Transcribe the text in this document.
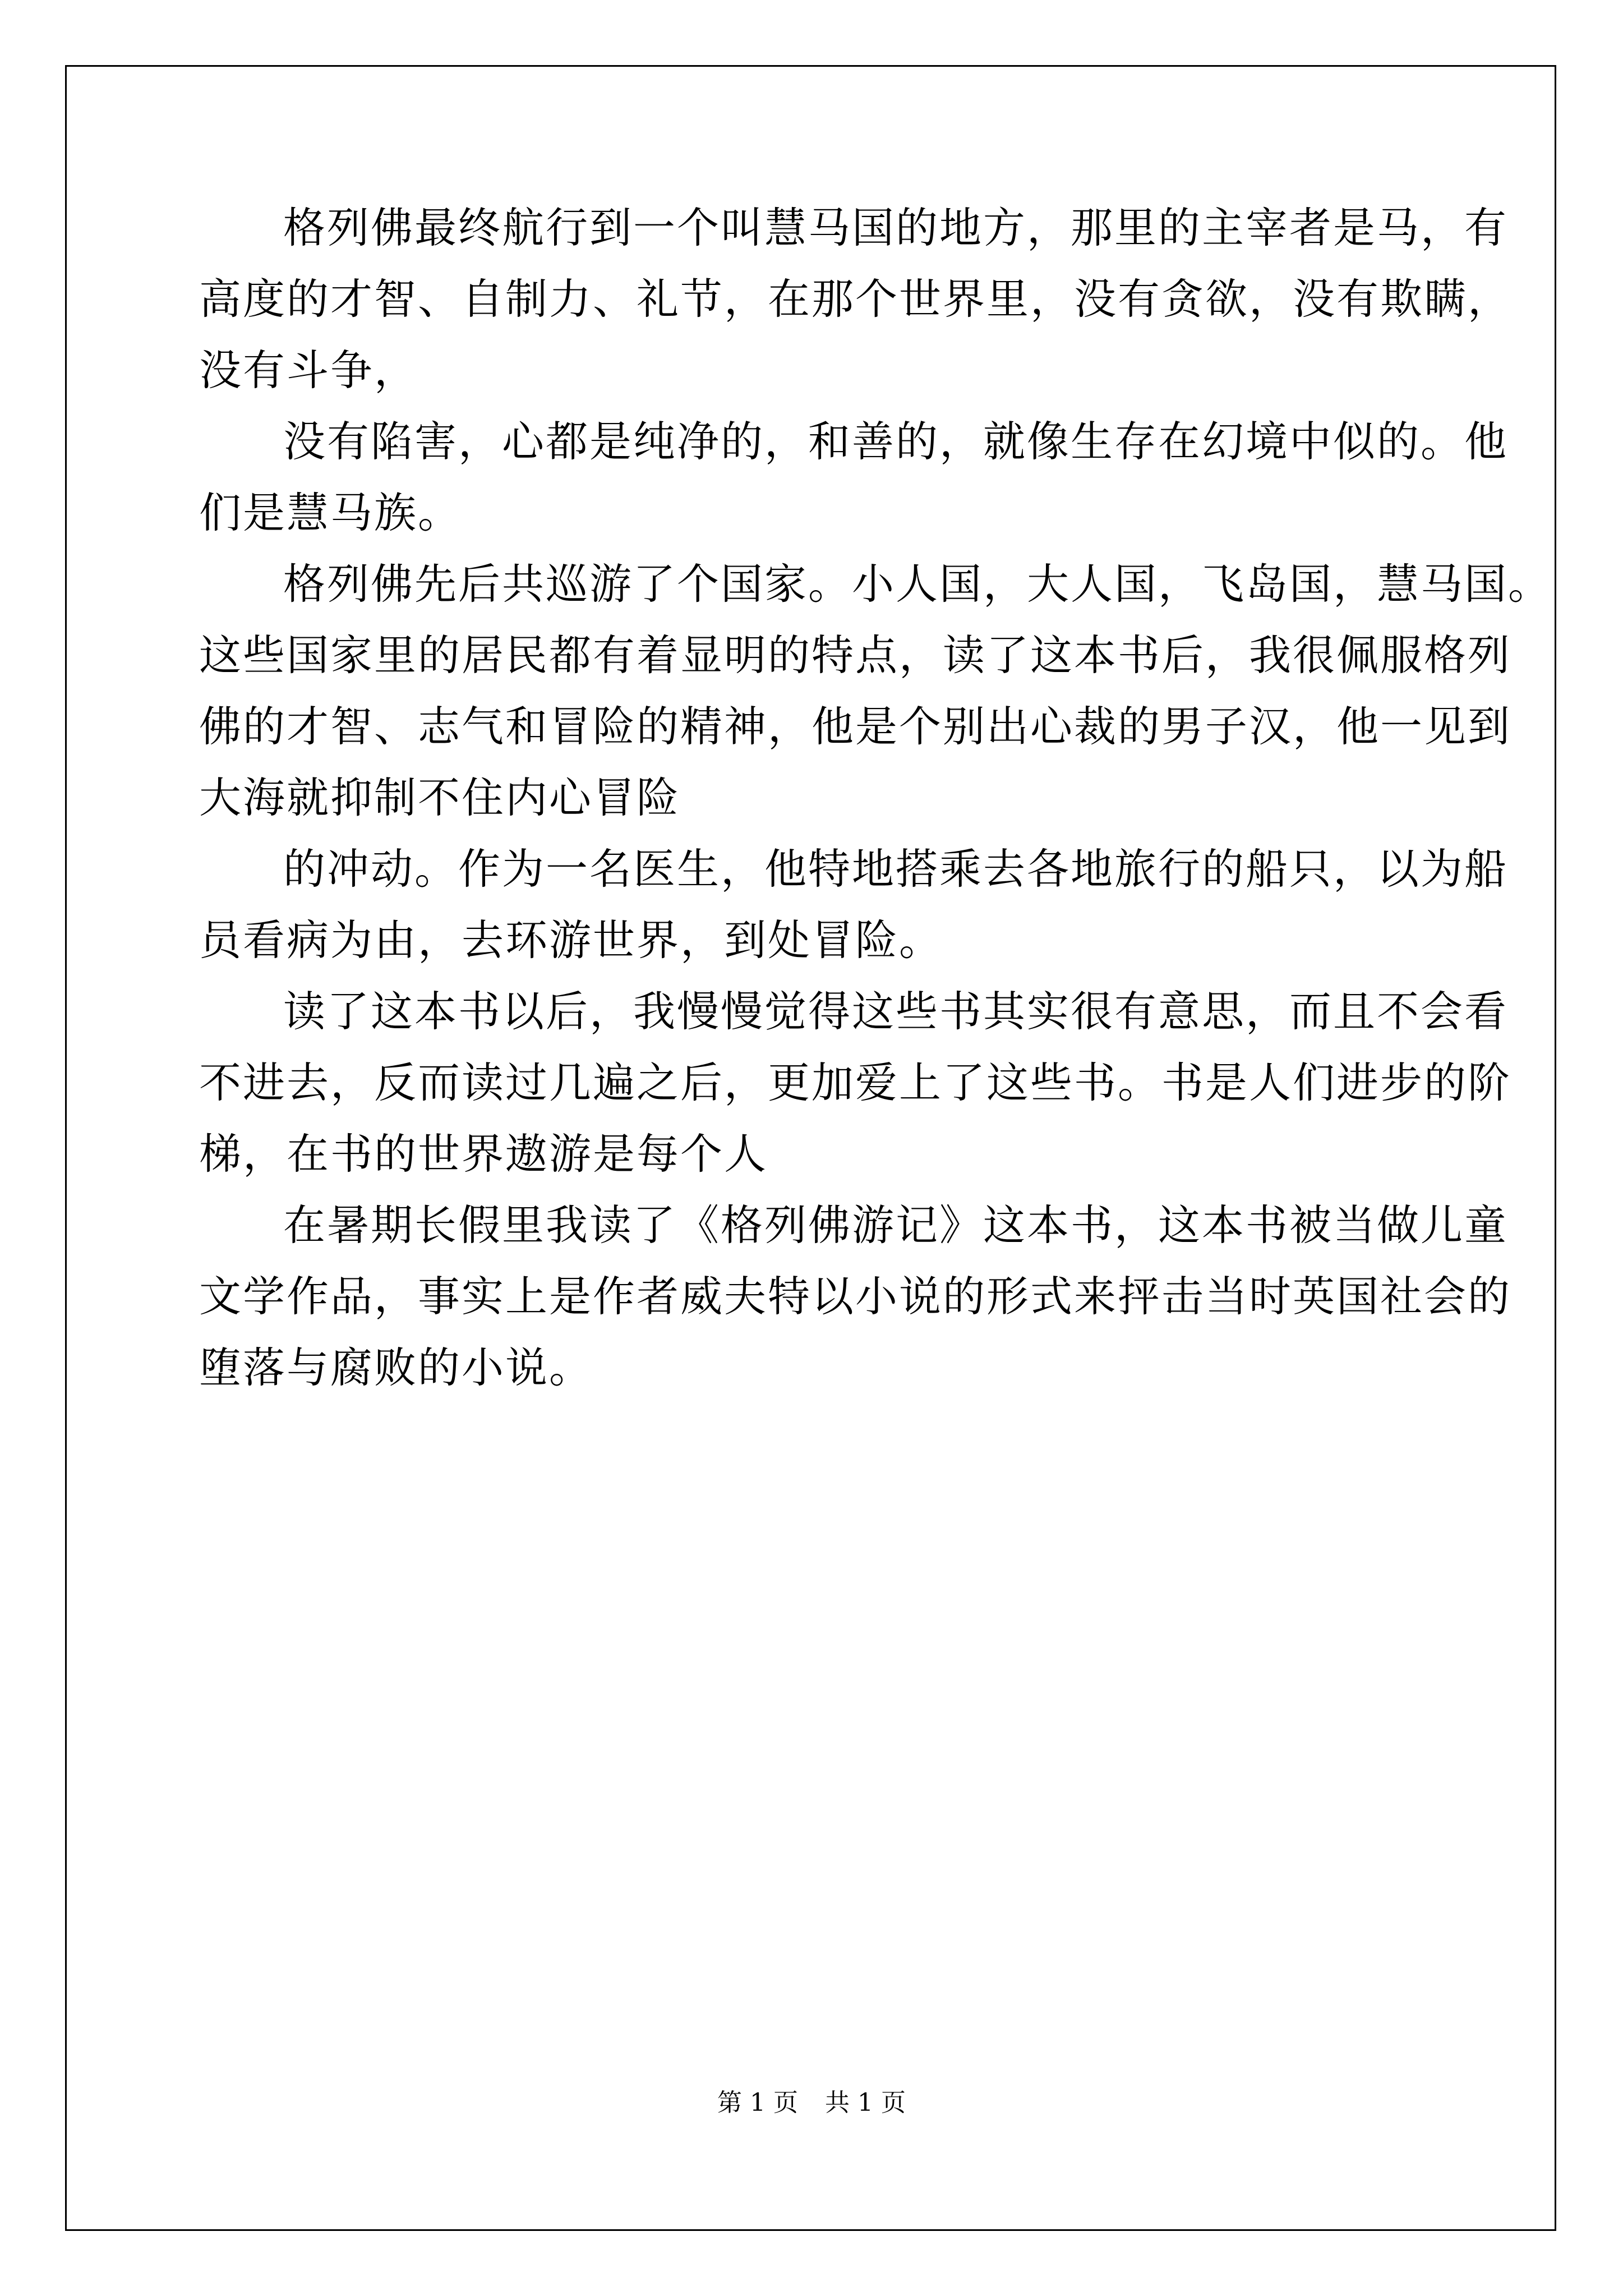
格列佛最终航行到一个叫慧马国的地方，那里的主宰者是马，有
高度的才智、自制力、礼节，在那个世界里，没有贪欲，没有欺瞒，
没有斗争，
没有陷害，心都是纯净的，和善的，就像生存在幻境中似的。他
们是慧马族。
格列佛先后共巡游了个国家。小人国，大人国，飞岛国，慧马国。
这些国家里的居民都有着显明的特点，读了这本书后，我很佩服格列
佛的才智、志气和冒险的精神，他是个别出心裁的男子汉，他一见到
大海就抑制不住内心冒险
的冲动。作为一名医生，他特地搭乘去各地旅行的船只，以为船
员看病为由，去环游世界，到处冒险。
读了这本书以后，我慢慢觉得这些书其实很有意思，而且不会看
不进去，反而读过几遍之后，更加爱上了这些书。书是人们进步的阶
梯，在书的世界遨游是每个人
在暑期长假里我读了《格列佛游记》这本书，这本书被当做儿童
文学作品，事实上是作者威夫特以小说的形式来抨击当时英国社会的
堕落与腐败的小说。
第 1 页 共 1 页
